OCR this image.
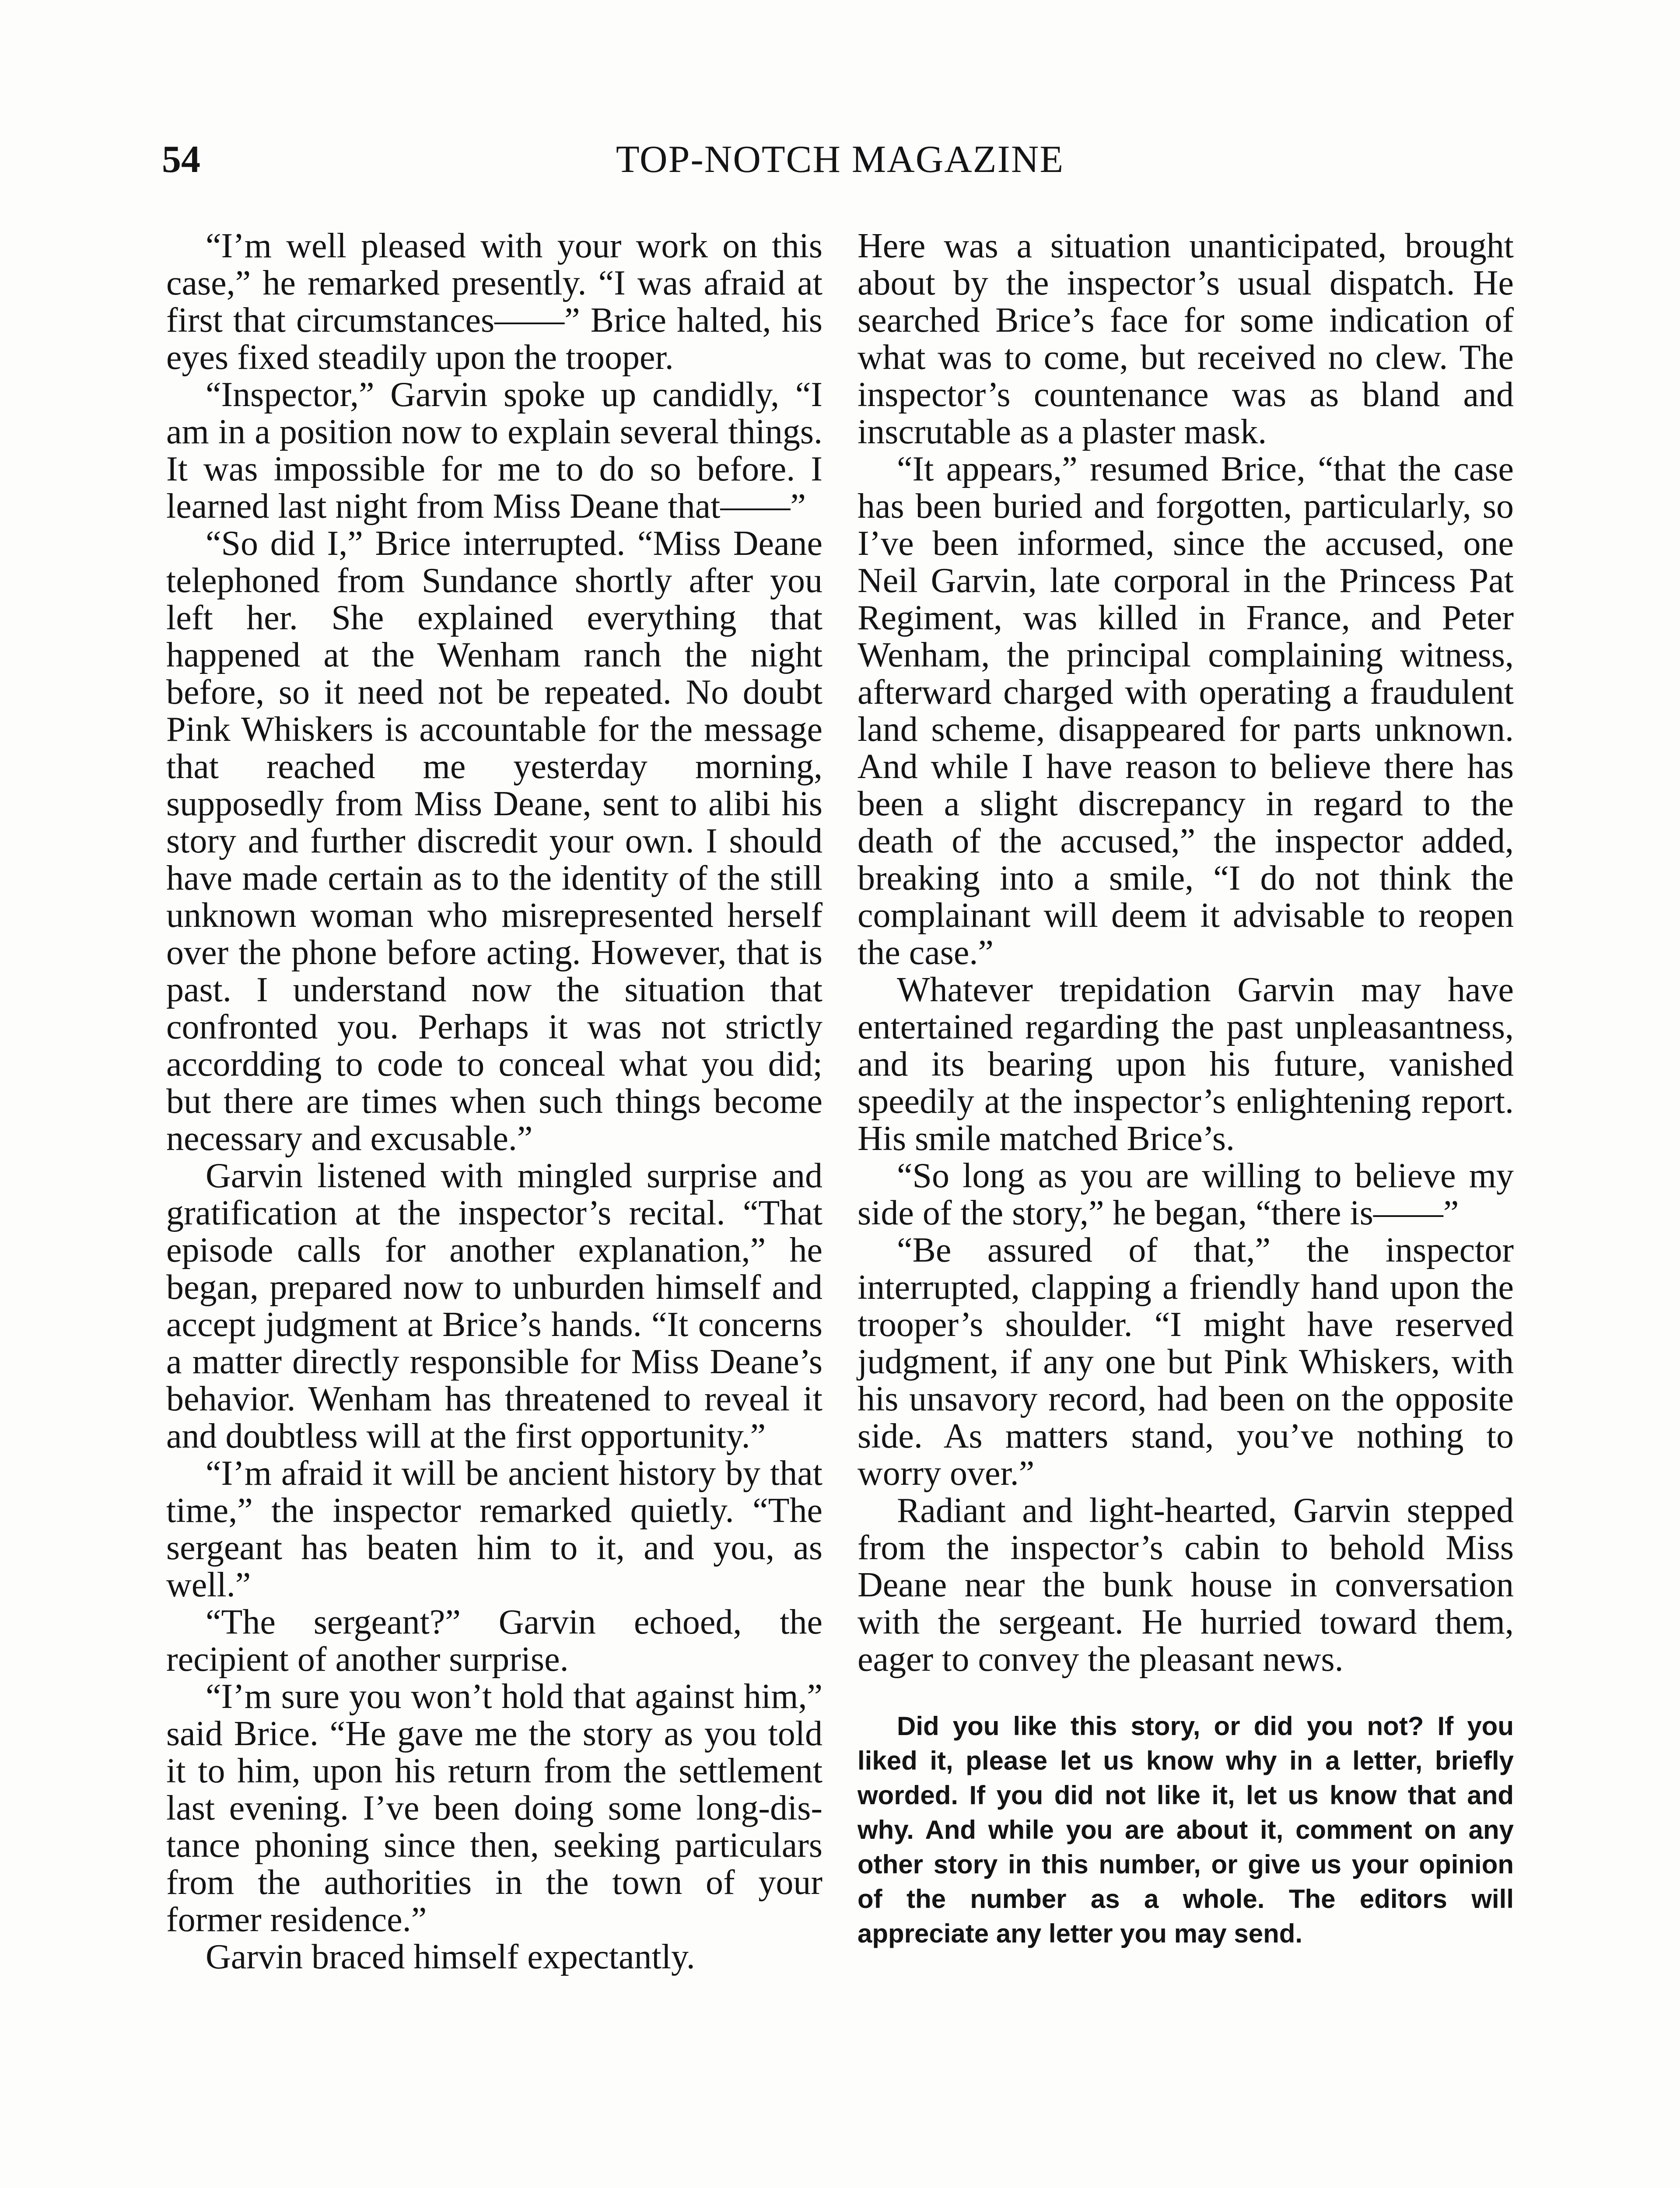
54	TOP-NOTCH MAGAZINE

“I’m well pleased with your work on this case,” he remarked presently. “I was afraid at first that circumstances——” Brice halted, his eyes fixed steadily upon the trooper.

“Inspector,” Garvin spoke up candidly, “I am in a position now to explain several things. It was impossible for me to do so before. I learned last night from Miss Deane that——”

“So did I,” Brice interrupted. “Miss Deane telephoned from Sundance shortly after you left her. She explained everything that happened at the Wenham ranch the night before, so it need not be repeated. No doubt Pink Whiskers is accountable for the message that reached me yesterday morning, supposedly from Miss Deane, sent to alibi his story and further discredit your own. I should have made certain as to the identity of the still unknown woman who misrepresented herself over the phone before acting. However, that is past. I understand now the situation that confronted you. Perhaps it was not strictly accordding to code to conceal what you did; but there are times when such things become necessary and excusable.”

Garvin listened with mingled surprise and gratification at the inspector’s recital. “That episode calls for another explanation,” he began, prepared now to unburden himself and accept judgment at Brice’s hands. “It concerns a matter directly responsible for Miss Deane’s behavior. Wenham has threatened to reveal it and doubtless will at the first opportunity.”

“I’m afraid it will be ancient history by that time,” the inspector remarked quietly. “The sergeant has beaten him to it, and you, as well.”

“The sergeant?” Garvin echoed, the recipient of another surprise.

“I’m sure you won’t hold that against him,” said Brice. “He gave me the story as you told it to him, upon his return from the settlement last evening. I’ve been doing some long-distance phoning since then, seeking particulars from the authorities in the town of your former residence.”

Garvin braced himself expectantly.

Here was a situation unanticipated, brought about by the inspector’s usual dispatch. He searched Brice’s face for some indication of what was to come, but received no clew. The inspector’s countenance was as bland and inscrutable as a plaster mask.

“It appears,” resumed Brice, “that the case has been buried and forgotten, particularly, so I’ve been informed, since the accused, one Neil Garvin, late corporal in the Princess Pat Regiment, was killed in France, and Peter Wenham, the principal complaining witness, afterward charged with operating a fraudulent land scheme, disappeared for parts unknown. And while I have reason to believe there has been a slight discrepancy in regard to the death of the accused,” the inspector added, breaking into a smile, “I do not think the complainant will deem it advisable to reopen the case.”

Whatever trepidation Garvin may have entertained regarding the past unpleasantness, and its bearing upon his future, vanished speedily at the inspector’s enlightening report. His smile matched Brice’s.

“So long as you are willing to believe my side of the story,” he began, “there is——”

“Be assured of that,” the inspector interrupted, clapping a friendly hand upon the trooper’s shoulder. “I might have reserved judgment, if any one but Pink Whiskers, with his unsavory record, had been on the opposite side. As matters stand, you’ve nothing to worry over.”

Radiant and light-hearted, Garvin stepped from the inspector’s cabin to behold Miss Deane near the bunk house in conversation with the sergeant. He hurried toward them, eager to convey the pleasant news.

Did you like this story, or did you not? If you liked it, please let us know why in a letter, briefly worded. If you did not like it, let us know that and why. And while you are about it, comment on any other story in this number, or give us your opinion of the number as a whole. The editors will appreciate any letter you may send.
